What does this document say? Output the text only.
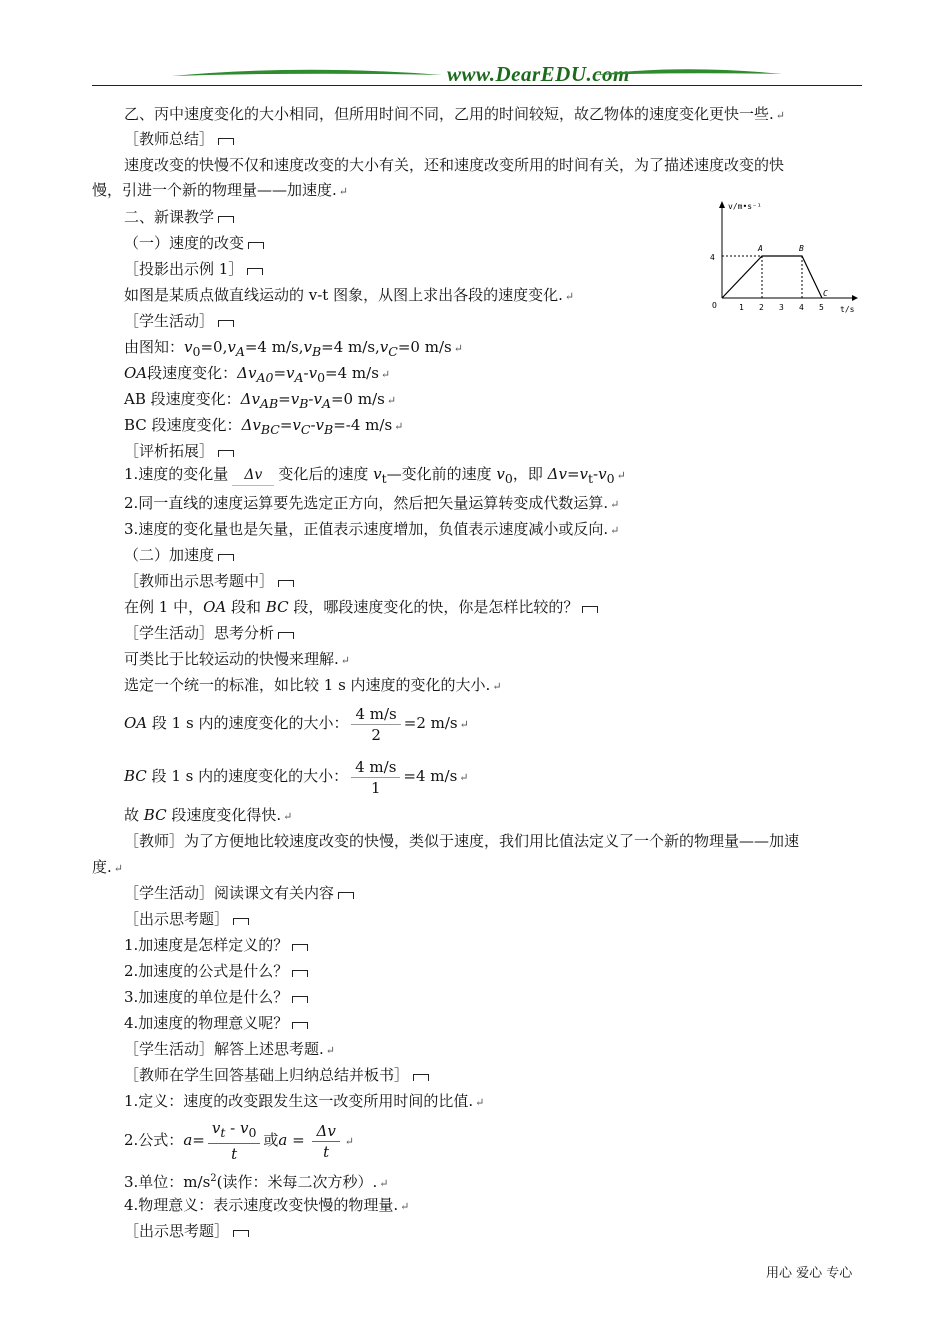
www.DearEDU.com
乙、丙中速度变化的大小相同，但所用时间不同，乙用的时间较短，故乙物体的速度变化更快一些. ↵
［教师总结］
速度改变的快慢不仅和速度改变的大小有关，还和速度改变所用的时间有关，为了描述速度改变的快
慢，引进一个新的物理量——加速度. ↵
二、新课教学
（一）速度的改变
［投影出示例 1］
如图是某质点做直线运动的 v-t 图象，从图上求出各段的速度变化. ↵
［学生活动］
由图知：$v_0=0,v_A=4$ $m/s,v_B=4$ $m/s,v_C=0$ m/s ↵
OA段速度变化：$\Delta v_{A0}=v_A-v_0=4$ m/s ↵
AB 段速度变化：$\Delta v_{AB}=v_B-v_A=0$ m/s ↵
BC 段速度变化：$\Delta v_{BC}=v_C-v_B=-4$ m/s ↵
［评析拓展］
1.速度的变化量 Δv 变化后的速度 $v_t—$变化前的速度 $v_0$，即 $\Delta v=v_t-v_0$ ↵
2.同一直线的速度运算要先选定正方向，然后把矢量运算转变成代数运算. ↵
3.速度的变化量也是矢量，正值表示速度增加，负值表示速度减小或反向. ↵
（二）加速度
［教师出示思考题中］
在例 1 中，OA 段和 BC 段，哪段速度变化的快，你是怎样比较的？
［学生活动］思考分析
可类比于比较运动的快慢来理解. ↵
选定一个统一的标准，如比较 1 s 内速度的变化的大小. ↵
OA 段 1 s 内的速度变化的大小： $\frac{4 m/s}{2} =2$ m/s ↵
BC 段 1 s 内的速度变化的大小： $\frac{4 m/s}{1} =4$ m/s ↵
故 BC 段速度变化得快. ↵
［教师］为了方便地比较速度改变的快慢，类似于速度，我们用比值法定义了一个新的物理量——加速
度. ↵
［学生活动］阅读课文有关内容
［出示思考题］
1.加速度是怎样定义的？
2.加速度的公式是什么？
3.加速度的单位是什么？
4.加速度的物理意义呢？
［学生活动］解答上述思考题. ↵
［教师在学生回答基础上归纳总结并板书］
1.定义：速度的改变跟发生这一改变所用时间的比值. ↵
2.公式：$a= \frac{v_t - v_0}{t}$ 或$a = \frac{\Delta v}{t}$ ↵
3.单位：$m/s^2$(读作：米每二次方秒）. ↵
4.物理意义：表示速度改变快慢的物理量. ↵
［出示思考题］
v/m•s⁻¹
t/s
4
O
A	B
C
1 2 3 4 5
用心 爱心 专心
